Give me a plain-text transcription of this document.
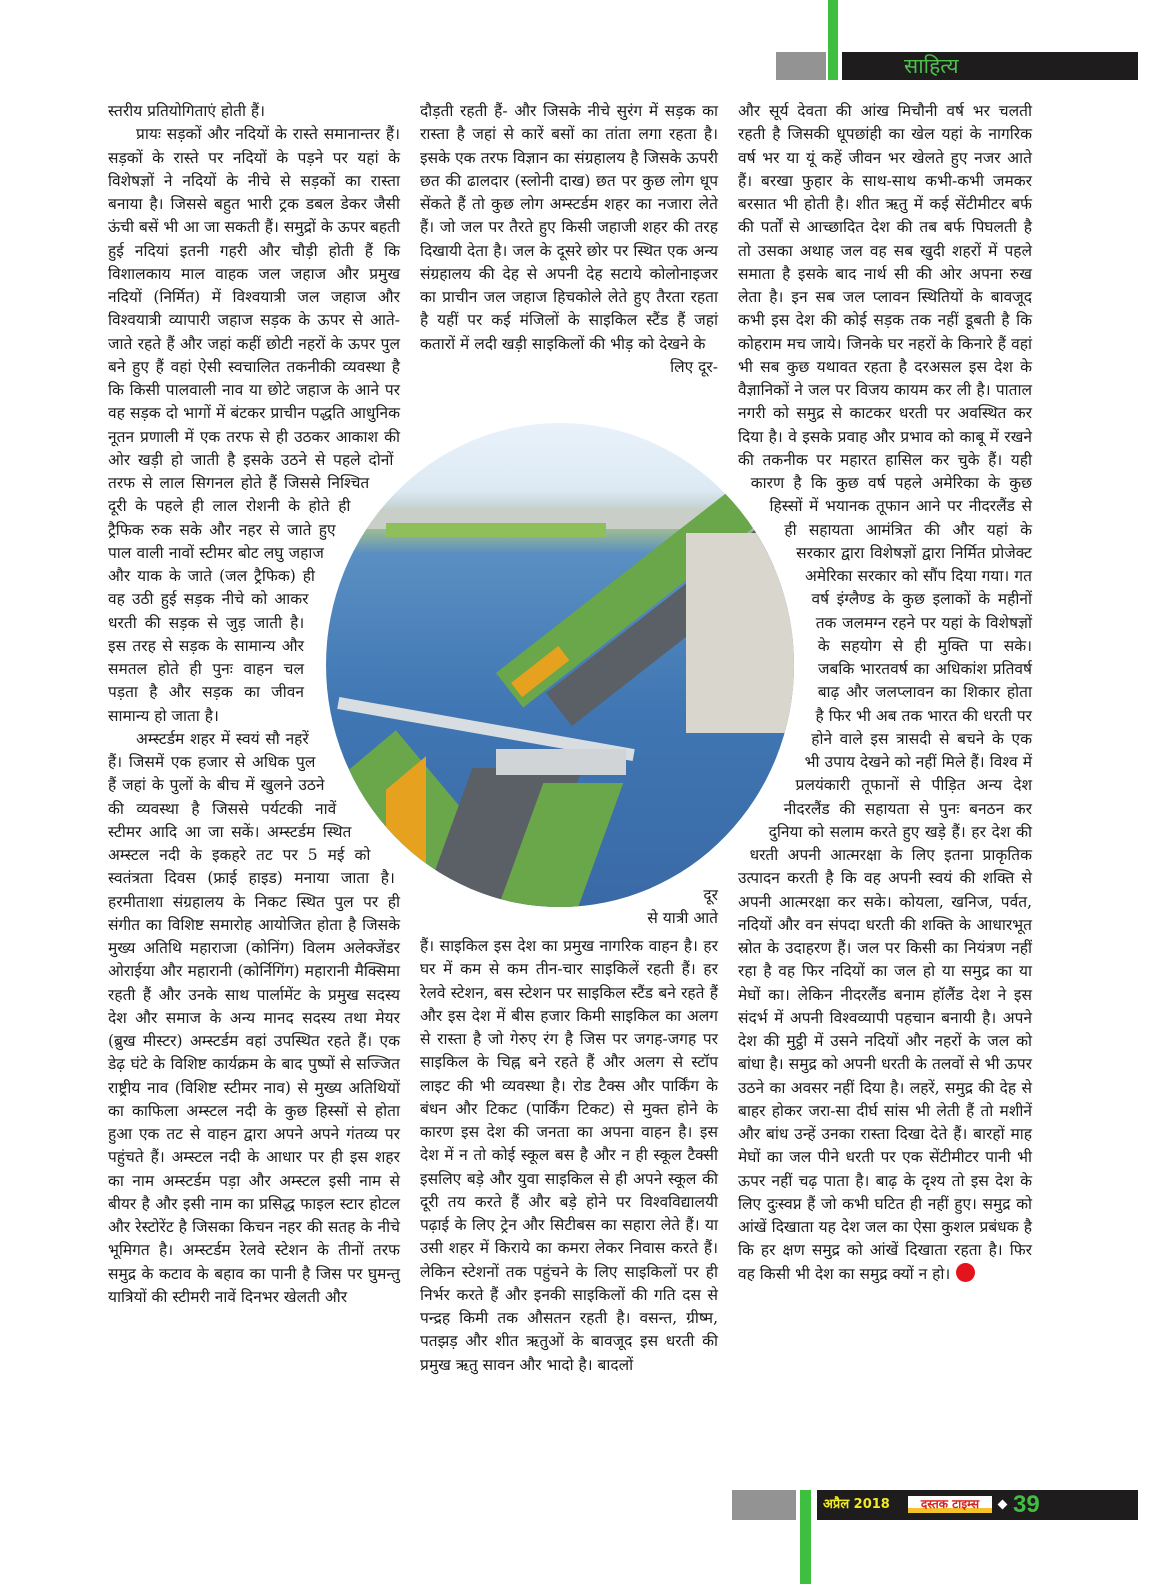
साहित्य

स्तरीय प्रतियोगिताएं होती हैं।

प्रायः सड़कों और नदियों के रास्ते समानान्तर हैं। सड़कों के रास्ते पर नदियों के पड़ने पर यहां के विशेषज्ञों ने नदियों के नीचे से सड़कों का रास्ता बनाया है। जिससे बहुत भारी ट्रक डबल डेकर जैसी ऊंची बसें भी आ जा सकती हैं। समुद्रों के ऊपर बहती हुई नदियां इतनी गहरी और चौड़ी होती हैं कि विशालकाय माल वाहक जल जहाज और प्रमुख नदियों (निर्मित) में विश्वयात्री जल जहाज और विश्वयात्री व्यापारी जहाज सड़क के ऊपर से आते-जाते रहते हैं और जहां कहीं छोटी नहरों के ऊपर पुल बने हुए हैं वहां ऐसी स्वचालित तकनीकी व्यवस्था है कि किसी पालवाली नाव या छोटे जहाज के आने पर वह सड़क दो भागों में बंटकर प्राचीन पद्धति आधुनिक नूतन प्रणाली में एक तरफ से ही उठकर आकाश की ओर खड़ी हो जाती है इसके उठने से पहले दोनों तरफ से लाल सिगनल होते हैं जिससे निश्चित दूरी के पहले ही लाल रोशनी के होते ही ट्रैफिक रुक सके और नहर से जाते हुए पाल वाली नावों स्टीमर बोट लघु जहाज और याक के जाते (जल ट्रैफिक) ही वह उठी हुई सड़क नीचे को आकर धरती की सड़क से जुड़ जाती है। इस तरह से सड़क के सामान्य और समतल होते ही पुनः वाहन चल पड़ता है और सड़क का जीवन सामान्य हो जाता है।

अम्स्टर्डम शहर में स्वयं सौ नहरें हैं। जिसमें एक हजार से अधिक पुल हैं जहां के पुलों के बीच में खुलने उठने की व्यवस्था है जिससे पर्यटकी नावें स्टीमर आदि आ जा सकें। अम्स्टर्डम स्थित अम्स्टल नदी के इकहरे तट पर 5 मई को स्वतंत्रता दिवस (फ्राई हाइड) मनाया जाता है। हरमीताशा संग्रहालय के निकट स्थित पुल पर ही संगीत का विशिष्ट समारोह आयोजित होता है जिसके मुख्य अतिथि महाराजा (कोनिंग) विलम अलेक्जेंडर ओराईया और महारानी (कोर्निगिंग) महारानी मैक्सिमा रहती हैं और उनके साथ पार्लामेंट के प्रमुख सदस्य देश और समाज के अन्य मानद सदस्य तथा मेयर (ब्रुख मीस्टर) अम्स्टर्डम वहां उपस्थित रहते हैं। एक डेढ़ घंटे के विशिष्ट कार्यक्रम के बाद पुष्पों से सज्जित राष्ट्रीय नाव (विशिष्ट स्टीमर नाव) से मुख्य अतिथियों का काफिला अम्स्टल नदी के कुछ हिस्सों से होता हुआ एक तट से वाहन द्वारा अपने अपने गंतव्य पर पहुंचते हैं। अम्स्टल नदी के आधार पर ही इस शहर का नाम अम्स्टर्डम पड़ा और अम्स्टल इसी नाम से बीयर है और इसी नाम का प्रसिद्ध फाइल स्टार होटल और रेस्टोरेंट है जिसका किचन नहर की सतह के नीचे भूमिगत है। अम्स्टर्डम रेलवे स्टेशन के तीनों तरफ समुद्र के कटाव के बहाव का पानी है जिस पर घुमन्तु यात्रियों की स्टीमरी नावें दिनभर खेलती और

दौड़ती रहती हैं- और जिसके नीचे सुरंग में सड़क का रास्ता है जहां से कारें बसों का तांता लगा रहता है। इसके एक तरफ विज्ञान का संग्रहालय है जिसके ऊपरी छत की ढालदार (स्लोनी दाख) छत पर कुछ लोग धूप सेंकते हैं तो कुछ लोग अम्स्टर्डम शहर का नजारा लेते हैं। जो जल पर तैरते हुए किसी जहाजी शहर की तरह दिखायी देता है। जल के दूसरे छोर पर स्थित एक अन्य संग्रहालय की देह से अपनी देह सटाये कोलोनाइजर का प्राचीन जल जहाज हिचकोले लेते हुए तैरता रहता है यहीं पर कई मंजिलों के साइकिल स्टैंड हैं जहां कतारों में लदी खड़ी साइकिलों की भीड़ को देखने के

लिए दूर-

दूर
से यात्री आते

हैं। साइकिल इस देश का प्रमुख नागरिक वाहन है। हर घर में कम से कम तीन-चार साइकिलें रहती हैं। हर रेलवे स्टेशन, बस स्टेशन पर साइकिल स्टैंड बने रहते हैं और इस देश में बीस हजार किमी साइकिल का अलग से रास्ता है जो गेरुए रंग है जिस पर जगह-जगह पर साइकिल के चिह्न बने रहते हैं और अलग से स्टॉप लाइट की भी व्यवस्था है। रोड टैक्स और पार्किंग के बंधन और टिकट (पार्किंग टिकट) से मुक्त होने के कारण इस देश की जनता का अपना वाहन है। इस देश में न तो कोई स्कूल बस है और न ही स्कूल टैक्सी इसलिए बड़े और युवा साइकिल से ही अपने स्कूल की दूरी तय करते हैं और बड़े होने पर विश्वविद्यालयी पढ़ाई के लिए ट्रेन और सिटीबस का सहारा लेते हैं। या उसी शहर में किराये का कमरा लेकर निवास करते हैं। लेकिन स्टेशनों तक पहुंचने के लिए साइकिलों पर ही निर्भर करते हैं और इनकी साइकिलों की गति दस से पन्द्रह किमी तक औसतन रहती है। वसन्त, ग्रीष्म, पतझड़ और शीत ऋतुओं के बावजूद इस धरती की प्रमुख ऋतु सावन और भादो है। बादलों

और सूर्य देवता की आंख मिचौनी वर्ष भर चलती रहती है जिसकी धूपछांही का खेल यहां के नागरिक वर्ष भर या यूं कहें जीवन भर खेलते हुए नजर आते हैं। बरखा फुहार के साथ-साथ कभी-कभी जमकर बरसात भी होती है। शीत ऋतु में कई सेंटीमीटर बर्फ की पर्तों से आच्छादित देश की तब बर्फ पिघलती है तो उसका अथाह जल वह सब खुदी शहरों में पहले समाता है इसके बाद नार्थ सी की ओर अपना रुख लेता है। इन सब जल प्लावन स्थितियों के बावजूद कभी इस देश की कोई सड़क तक नहीं डूबती है कि कोहराम मच जाये। जिनके घर नहरों के किनारे हैं वहां भी सब कुछ यथावत रहता है दरअसल इस देश के वैज्ञानिकों ने जल पर विजय कायम कर ली है। पाताल नगरी को समुद्र से काटकर धरती पर अवस्थित कर दिया है। वे इसके प्रवाह और प्रभाव को काबू में रखने की तकनीक पर महारत हासिल कर चुके हैं। यही कारण है कि कुछ वर्ष पहले अमेरिका के कुछ हिस्सों में भयानक तूफान आने पर नीदरलैंड से ही सहायता आमंत्रित की और यहां के सरकार द्वारा विशेषज्ञों द्वारा निर्मित प्रोजेक्ट अमेरिका सरकार को सौंप दिया गया। गत वर्ष इंग्लैण्ड के कुछ इलाकों के महीनों तक जलमग्न रहने पर यहां के विशेषज्ञों के सहयोग से ही मुक्ति पा सके। जबकि भारतवर्ष का अधिकांश प्रतिवर्ष बाढ़ और जलप्लावन का शिकार होता है फिर भी अब तक भारत की धरती पर होने वाले इस त्रासदी से बचने के एक भी उपाय देखने को नहीं मिले हैं। विश्व में प्रलयंकारी तूफानों से पीड़ित अन्य देश नीदरलैंड की सहायता से पुनः बनठन कर दुनिया को सलाम करते हुए खड़े हैं। हर देश की धरती अपनी आत्मरक्षा के लिए इतना प्राकृतिक उत्पादन करती है कि वह अपनी स्वयं की शक्ति से अपनी आत्मरक्षा कर सके। कोयला, खनिज, पर्वत, नदियों और वन संपदा धरती की शक्ति के आधारभूत स्रोत के उदाहरण हैं। जल पर किसी का नियंत्रण नहीं रहा है वह फिर नदियों का जल हो या समुद्र का या मेघों का। लेकिन नीदरलैंड बनाम हॉलैंड देश ने इस संदर्भ में अपनी विश्वव्यापी पहचान बनायी है। अपने देश की मुट्ठी में उसने नदियों और नहरों के जल को बांधा है। समुद्र को अपनी धरती के तलवों से भी ऊपर उठने का अवसर नहीं दिया है। लहरें, समुद्र की देह से बाहर होकर जरा-सा दीर्घ सांस भी लेती हैं तो मशीनें और बांध उन्हें उनका रास्ता दिखा देते हैं। बारहों माह मेघों का जल पीने धरती पर एक सेंटीमीटर पानी भी ऊपर नहीं चढ़ पाता है। बाढ़ के दृश्य तो इस देश के लिए दुःस्वप्न हैं जो कभी घटित ही नहीं हुए। समुद्र को आंखें दिखाता यह देश जल का ऐसा कुशल प्रबंधक है कि हर क्षण समुद्र को आंखें दिखाता रहता है। फिर वह किसी भी देश का समुद्र क्यों न हो।

अप्रैल 2018	दस्तक टाइम्स	39
